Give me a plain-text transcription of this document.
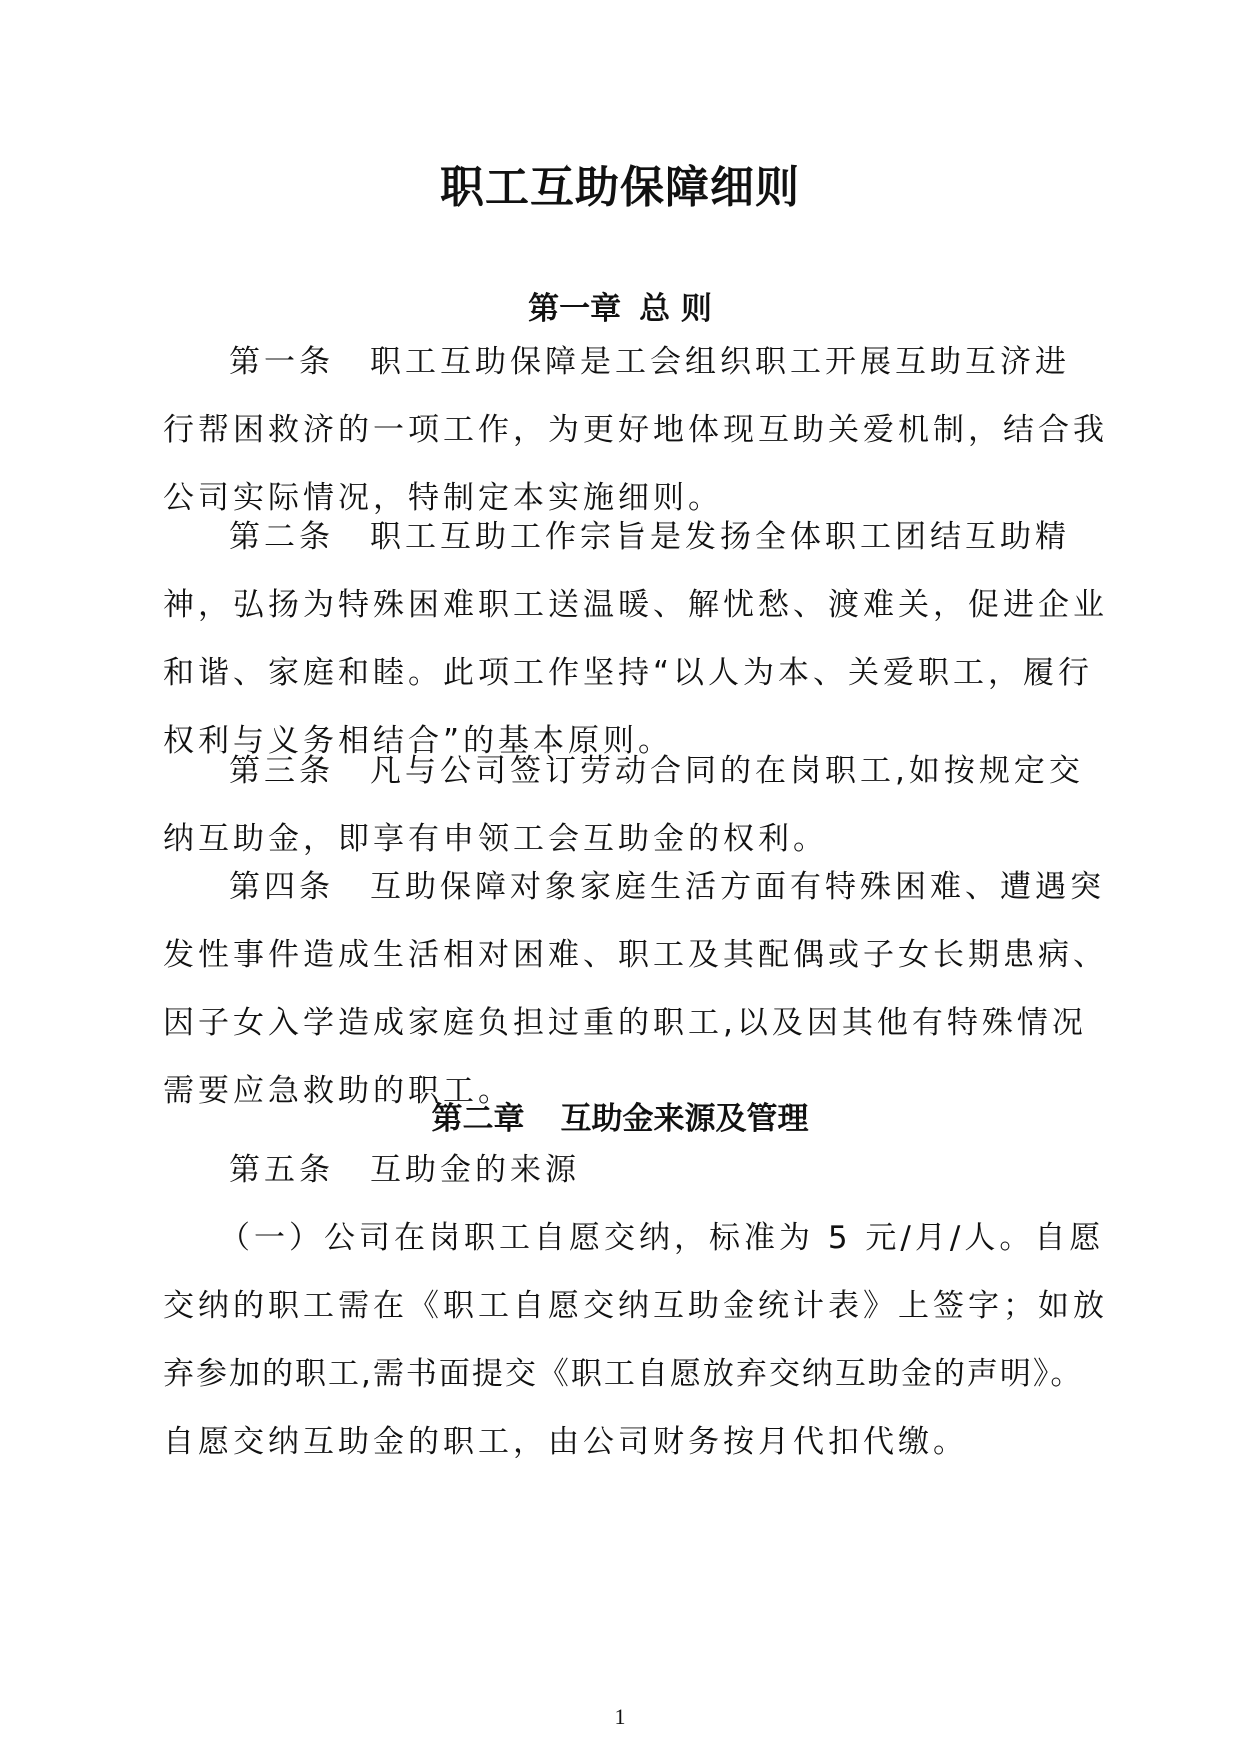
职工互助保障细则
第一章 总 则
第一条 职工互助保障是工会组织职工开展互助互济进
行帮困救济的一项工作，为更好地体现互助关爱机制，结合我
公司实际情况，特制定本实施细则。
第二条 职工互助工作宗旨是发扬全体职工团结互助精
神，弘扬为特殊困难职工送温暖、解忧愁、渡难关，促进企业
和谐、家庭和睦。此项工作坚持“以人为本、关爱职工，履行
权利与义务相结合”的基本原则。
第三条 凡与公司签订劳动合同的在岗职工,如按规定交
纳互助金，即享有申领工会互助金的权利。
第四条 互助保障对象家庭生活方面有特殊困难、遭遇突
发性事件造成生活相对困难、职工及其配偶或子女长期患病、
因子女入学造成家庭负担过重的职工,以及因其他有特殊情况
需要应急救助的职工。
第二章 互助金来源及管理
第五条 互助金的来源
（一）公司在岗职工自愿交纳，标准为 5 元/月/人。自愿
交纳的职工需在《职工自愿交纳互助金统计表》上签字；如放
弃参加的职工,需书面提交《职工自愿放弃交纳互助金的声明》。
自愿交纳互助金的职工，由公司财务按月代扣代缴。
1
